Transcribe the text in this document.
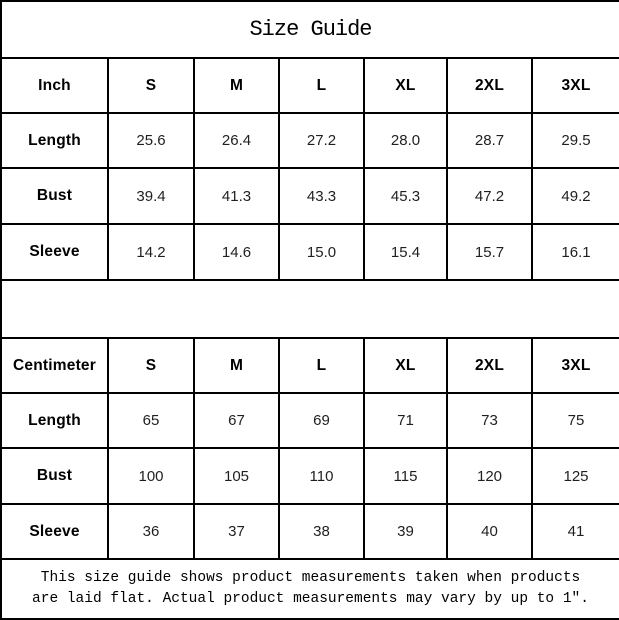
Size Guide						
Inch	S	M	L	XL	2XL	3XL
Length	25.6	26.4	27.2	28.0	28.7	29.5
Bust	39.4	41.3	43.3	45.3	47.2	49.2
Sleeve	14.2	14.6	15.0	15.4	15.7	16.1

Centimeter	S	M	L	XL	2XL	3XL
Length	65	67	69	71	73	75
Bust	100	105	110	115	120	125
Sleeve	36	37	38	39	40	41

This size guide shows product measurements taken when products
are laid flat. Actual product measurements may vary by up to 1″.						
